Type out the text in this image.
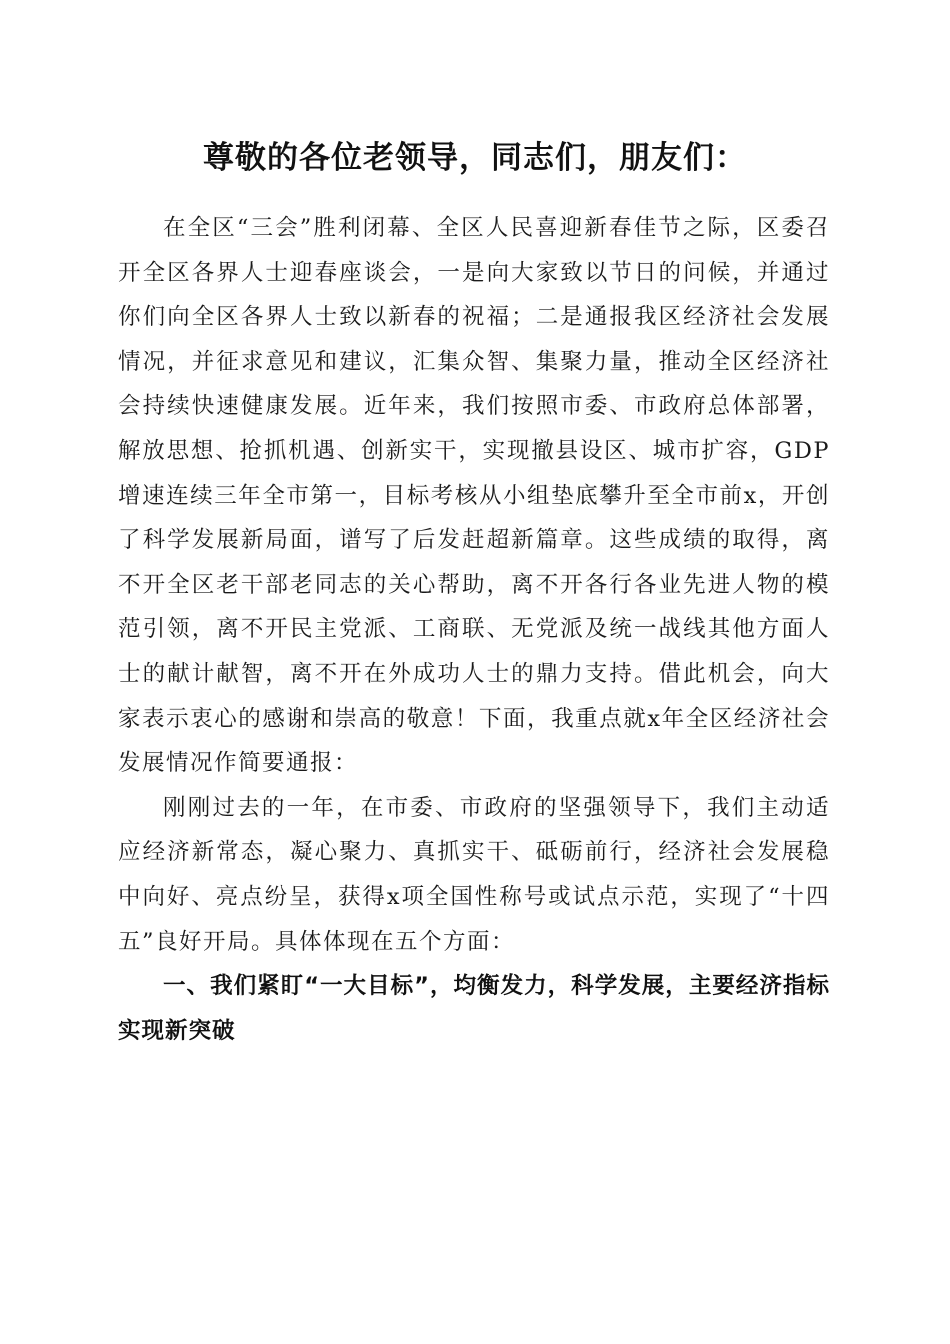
尊敬的各位老领导，同志们，朋友们：

在全区“三会”胜利闭幕、全区人民喜迎新春佳节之际，区委召开全区各界人士迎春座谈会，一是向大家致以节日的问候，并通过你们向全区各界人士致以新春的祝福；二是通报我区经济社会发展情况，并征求意见和建议，汇集众智、集聚力量，推动全区经济社会持续快速健康发展。近年来，我们按照市委、市政府总体部署，解放思想、抢抓机遇、创新实干，实现撤县设区、城市扩容，GDP增速连续三年全市第一，目标考核从小组垫底攀升至全市前x，开创了科学发展新局面，谱写了后发赶超新篇章。这些成绩的取得，离不开全区老干部老同志的关心帮助，离不开各行各业先进人物的模范引领，离不开民主党派、工商联、无党派及统一战线其他方面人士的献计献智，离不开在外成功人士的鼎力支持。借此机会，向大家表示衷心的感谢和崇高的敬意！下面，我重点就x年全区经济社会发展情况作简要通报：

刚刚过去的一年，在市委、市政府的坚强领导下，我们主动适应经济新常态，凝心聚力、真抓实干、砥砺前行，经济社会发展稳中向好、亮点纷呈，获得x项全国性称号或试点示范，实现了“十四五”良好开局。具体体现在五个方面：

一、我们紧盯“一大目标”，均衡发力，科学发展，主要经济指标实现新突破
